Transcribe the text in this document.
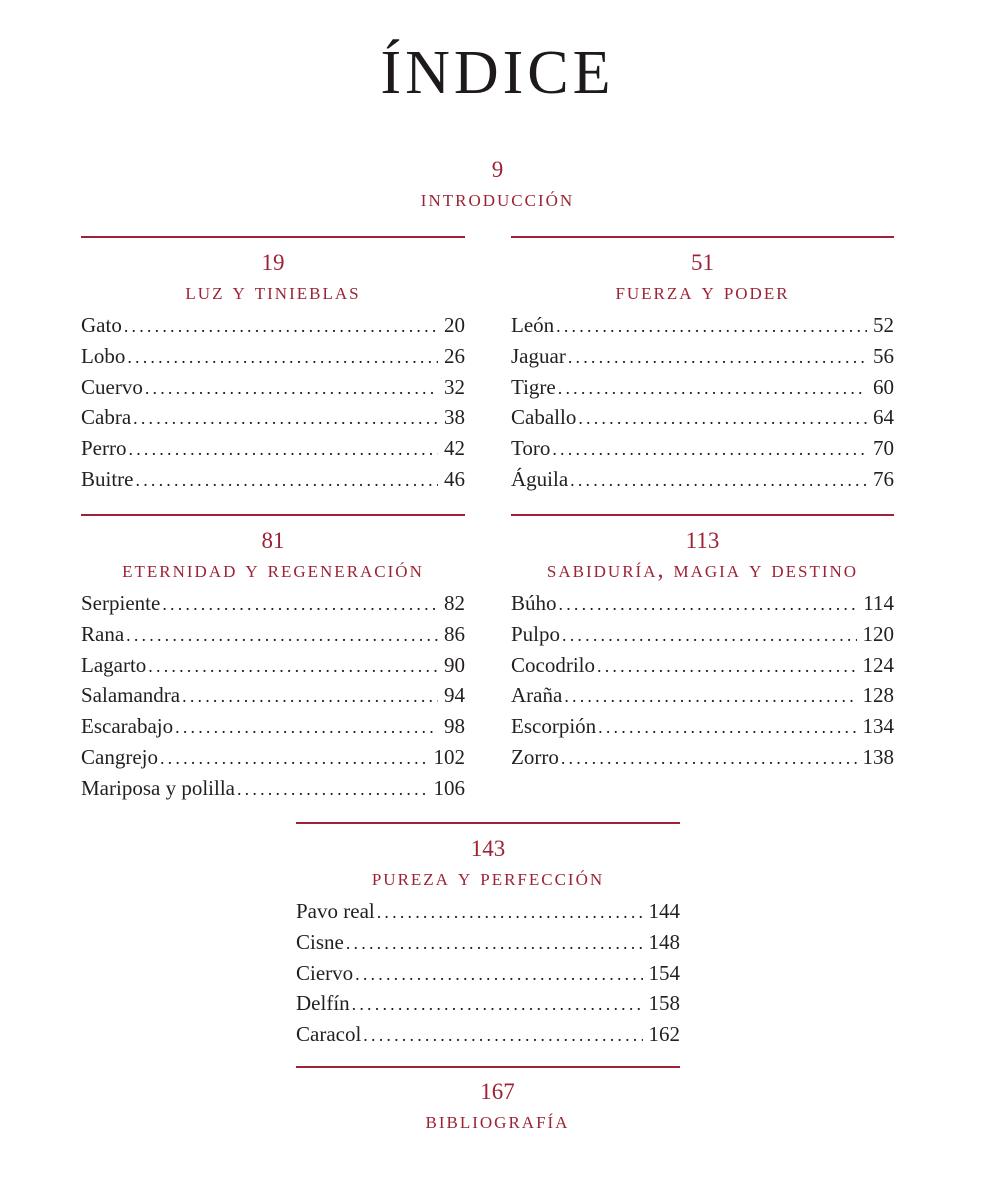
ÍNDICE
9
introducción
19
luz y tinieblas
Gato .....	20
Lobo .....	26
Cuervo .....	32
Cabra .....	38
Perro .....	42
Buitre .....	46
51
fuerza y poder
León .....	52
Jaguar .....	56
Tigre .....	60
Caballo .....	64
Toro .....	70
Águila .....	76
81
eternidad y regeneración
Serpiente .....	82
Rana .....	86
Lagarto .....	90
Salamandra .....	94
Escarabajo .....	98
Cangrejo .....	102
Mariposa y polilla .....	106
113
sabiduría, magia y destino
Búho .....	114
Pulpo .....	120
Cocodrilo .....	124
Araña .....	128
Escorpión .....	134
Zorro .....	138
143
pureza y perfección
Pavo real .....	144
Cisne .....	148
Ciervo .....	154
Delfín .....	158
Caracol .....	162
167
bibliografía
